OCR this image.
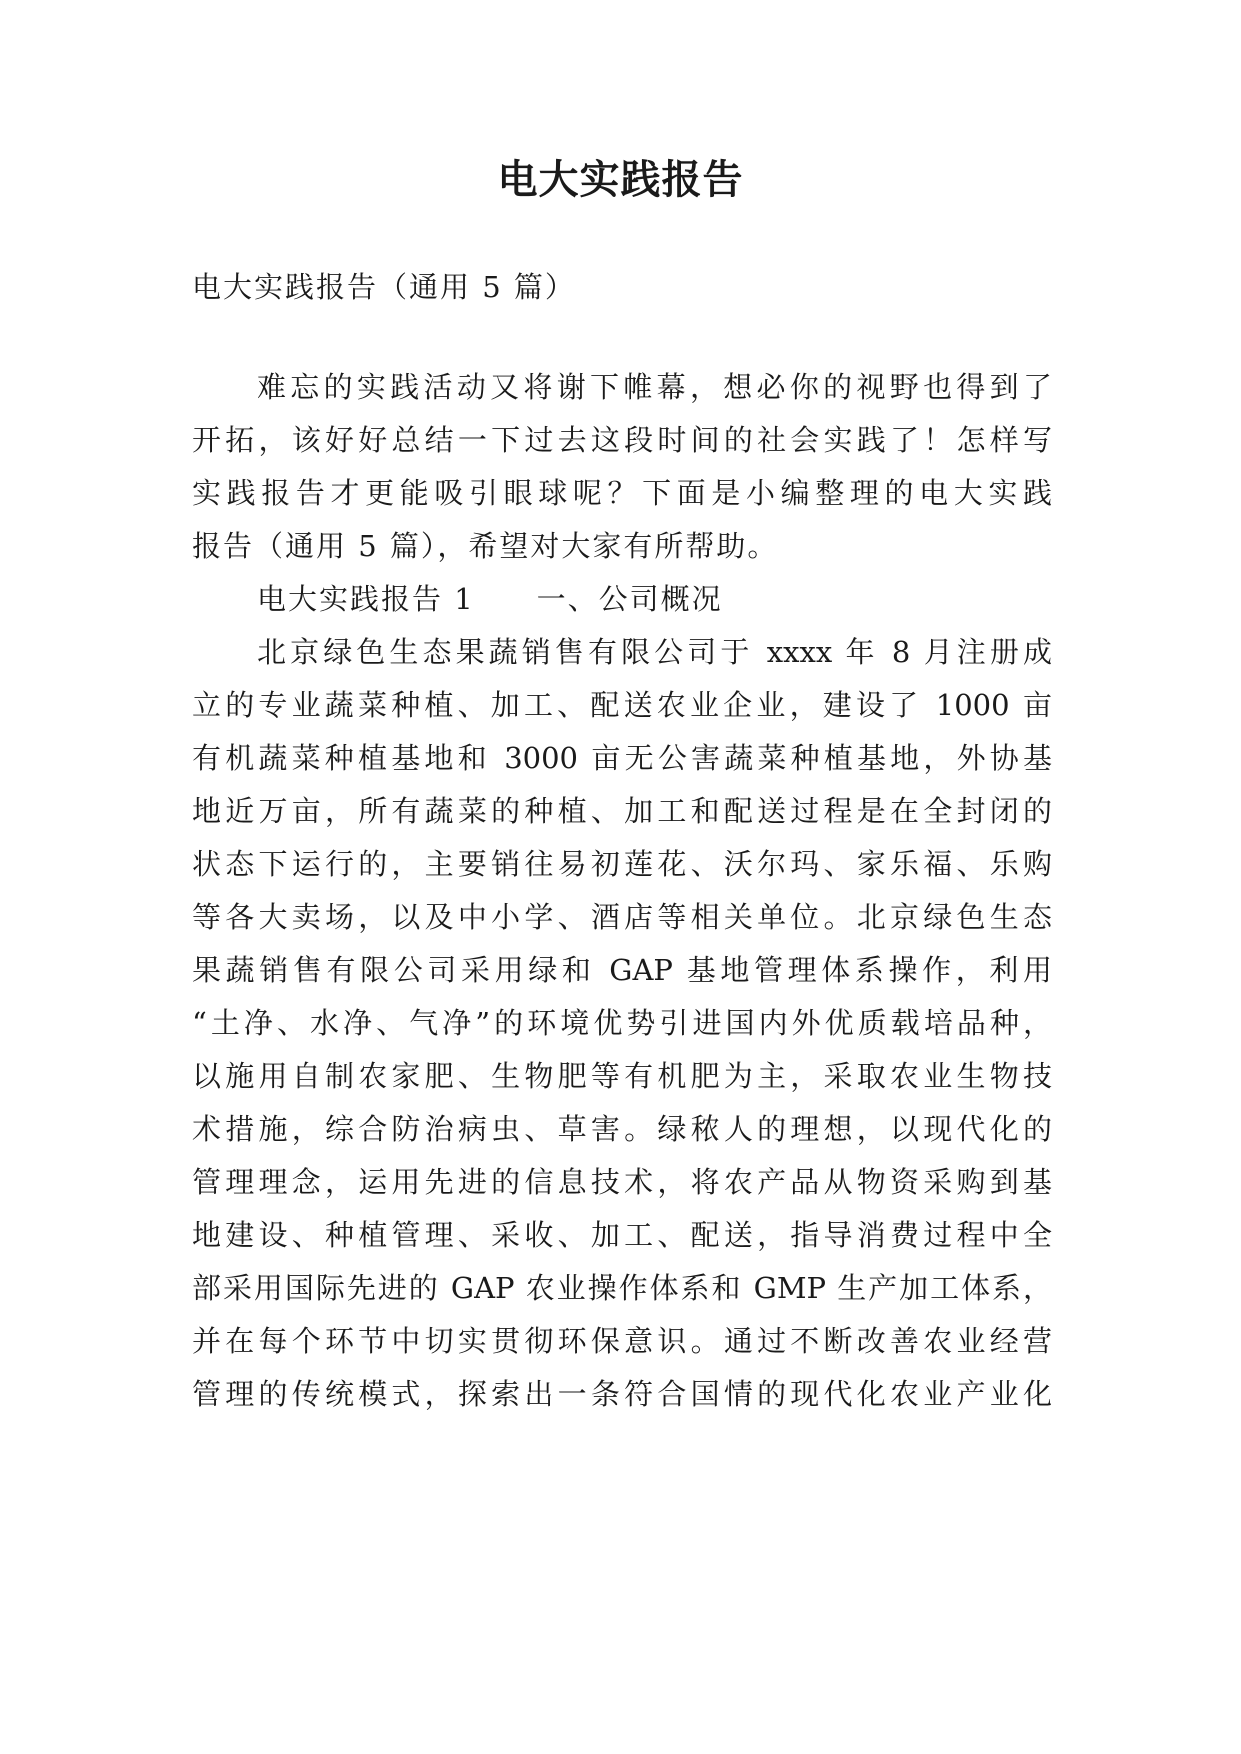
电大实践报告
电大实践报告（通用 5 篇）
难忘的实践活动又将谢下帷幕，想必你的视野也得到了
开拓，该好好总结一下过去这段时间的社会实践了！怎样写
实践报告才更能吸引眼球呢？下面是小编整理的电大实践
报告（通用 5 篇），希望对大家有所帮助。
电大实践报告 1 一、公司概况
北京绿色生态果蔬销售有限公司于 xxxx 年 8 月注册成
立的专业蔬菜种植、加工、配送农业企业，建设了 1000 亩
有机蔬菜种植基地和 3000 亩无公害蔬菜种植基地，外协基
地近万亩，所有蔬菜的种植、加工和配送过程是在全封闭的
状态下运行的，主要销往易初莲花、沃尔玛、家乐福、乐购
等各大卖场，以及中小学、酒店等相关单位。北京绿色生态
果蔬销售有限公司采用绿和 GAP 基地管理体系操作，利用
“土净、水净、气净”的环境优势引进国内外优质载培品种，
以施用自制农家肥、生物肥等有机肥为主，采取农业生物技
术措施，综合防治病虫、草害。绿秾人的理想，以现代化的
管理理念，运用先进的信息技术，将农产品从物资采购到基
地建设、种植管理、采收、加工、配送，指导消费过程中全
部采用国际先进的 GAP 农业操作体系和 GMP 生产加工体系，
并在每个环节中切实贯彻环保意识。通过不断改善农业经营
管理的传统模式，探索出一条符合国情的现代化农业产业化
